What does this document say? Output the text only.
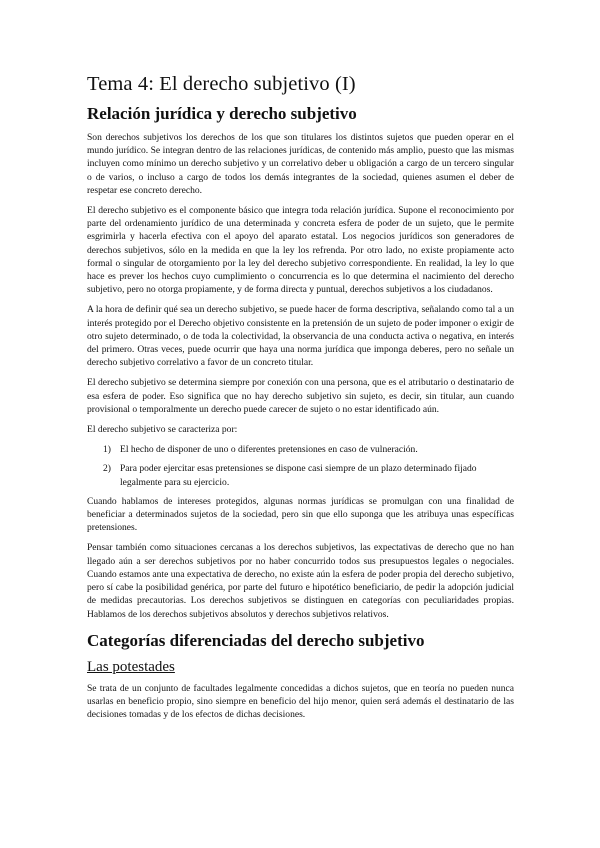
Tema 4: El derecho subjetivo (I)
Relación jurídica y derecho subjetivo

Son derechos subjetivos los derechos de los que son titulares los distintos sujetos que pueden operar en el mundo jurídico. Se integran dentro de las relaciones jurídicas, de contenido más amplio, puesto que las mismas incluyen como mínimo un derecho subjetivo y un correlativo deber u obligación a cargo de un tercero singular o de varios, o incluso a cargo de todos los demás integrantes de la sociedad, quienes asumen el deber de respetar ese concreto derecho.

El derecho subjetivo es el componente básico que integra toda relación jurídica. Supone el reconocimiento por parte del ordenamiento jurídico de una determinada y concreta esfera de poder de un sujeto, que le permite esgrimirla y hacerla efectiva con el apoyo del aparato estatal. Los negocios jurídicos son generadores de derechos subjetivos, sólo en la medida en que la ley los refrenda. Por otro lado, no existe propiamente acto formal o singular de otorgamiento por la ley del derecho subjetivo correspondiente. En realidad, la ley lo que hace es prever los hechos cuyo cumplimiento o concurrencia es lo que determina el nacimiento del derecho subjetivo, pero no otorga propiamente, y de forma directa y puntual, derechos subjetivos a los ciudadanos.

A la hora de definir qué sea un derecho subjetivo, se puede hacer de forma descriptiva, señalando como tal a un interés protegido por el Derecho objetivo consistente en la pretensión de un sujeto de poder imponer o exigir de otro sujeto determinado, o de toda la colectividad, la observancia de una conducta activa o negativa, en interés del primero. Otras veces, puede ocurrir que haya una norma jurídica que imponga deberes, pero no señale un derecho subjetivo correlativo a favor de un concreto titular.

El derecho subjetivo se determina siempre por conexión con una persona, que es el atributario o destinatario de esa esfera de poder. Eso significa que no hay derecho subjetivo sin sujeto, es decir, sin titular, aun cuando provisional o temporalmente un derecho puede carecer de sujeto o no estar identificado aún.

El derecho subjetivo se caracteriza por:

1) El hecho de disponer de uno o diferentes pretensiones en caso de vulneración.
2) Para poder ejercitar esas pretensiones se dispone casi siempre de un plazo determinado fijado legalmente para su ejercicio.

Cuando hablamos de intereses protegidos, algunas normas jurídicas se promulgan con una finalidad de beneficiar a determinados sujetos de la sociedad, pero sin que ello suponga que les atribuya unas específicas pretensiones.

Pensar también como situaciones cercanas a los derechos subjetivos, las expectativas de derecho que no han llegado aún a ser derechos subjetivos por no haber concurrido todos sus presupuestos legales o negociales. Cuando estamos ante una expectativa de derecho, no existe aún la esfera de poder propia del derecho subjetivo, pero sí cabe la posibilidad genérica, por parte del futuro e hipotético beneficiario, de pedir la adopción judicial de medidas precautorias. Los derechos subjetivos se distinguen en categorías con peculiaridades propias. Hablamos de los derechos subjetivos absolutos y derechos subjetivos relativos.

Categorías diferenciadas del derecho subjetivo
Las potestades

Se trata de un conjunto de facultades legalmente concedidas a dichos sujetos, que en teoría no pueden nunca usarlas en beneficio propio, sino siempre en beneficio del hijo menor, quien será además el destinatario de las decisiones tomadas y de los efectos de dichas decisiones.
